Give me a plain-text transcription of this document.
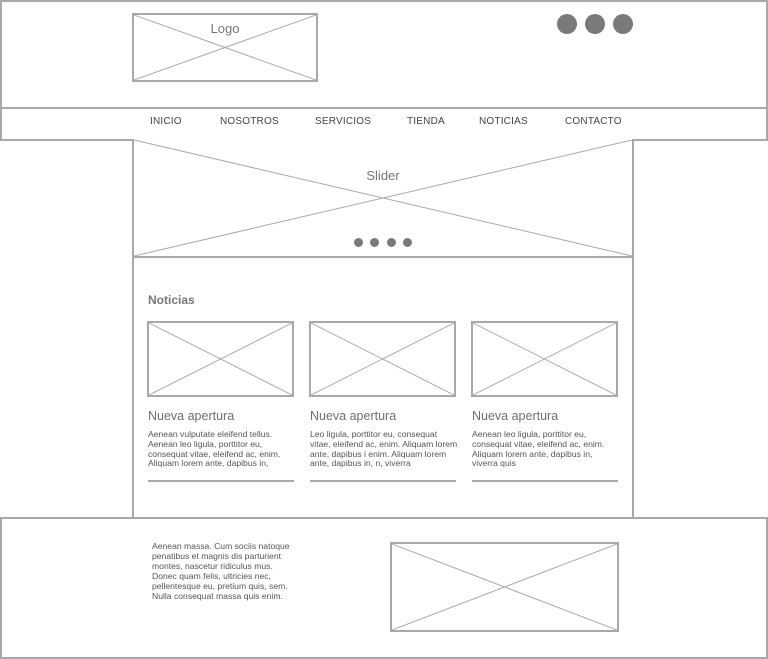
Logo
INICIO	NOSOTROS	SERVICIOS	TIENDA	NOTICIAS	CONTACTO
Slider
Noticias
Nueva apertura	Nueva apertura	Nueva apertura
Aenean vulputate eleifend tellus. Aenean leo ligula, porttitor eu, consequat vitae, eleifend ac, enim. Aliquam lorem ante, dapibus in,
Leo ligula, porttitor eu, consequat vitae, eleifend ac, enim. Aliquam lorem ante, dapibus i enim. Aliquam lorem ante, dapibus in, n, viverra
Aenean leo ligula, porttitor eu, consequat vitae, eleifend ac, enim. Aliquam lorem ante, dapibus in, viverra quis
Aenean massa. Cum sociis natoque penatibus et magnis dis parturient montes, nascetur ridiculus mus. Donec quam felis, ultricies nec, pellentesque eu, pretium quis, sem. Nulla consequat massa quis enim.
